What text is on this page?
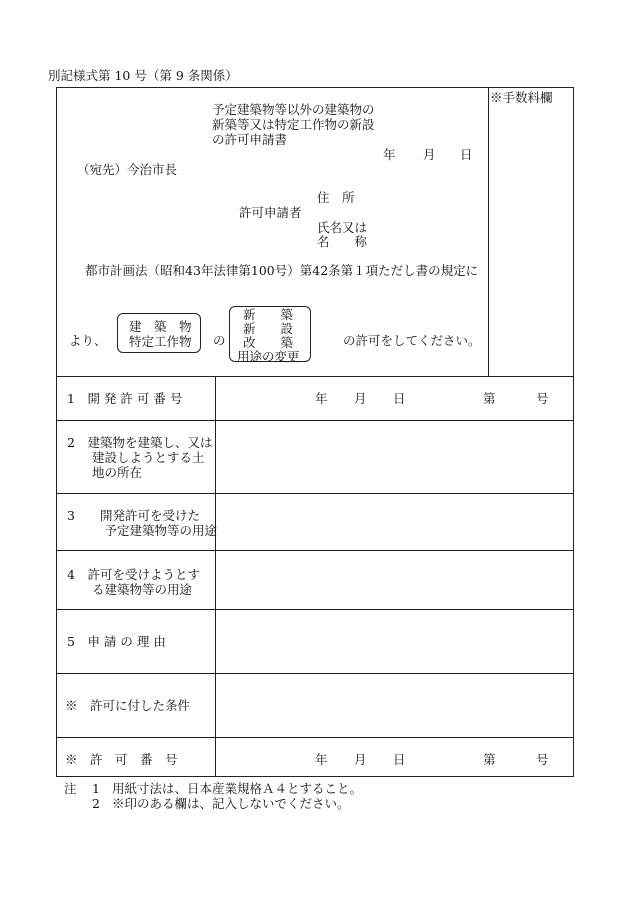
別記様式第 10 号（第 9 条関係）
※手数料欄
予定建築物等以外の建築物の
新築等又は特定工作物の新設
の許可申請書
年 月 日
（宛先）今治市長
住　所
許可申請者
氏名又は
名　　称
都市計画法（昭和43年法律第100号）第42条第１項ただし書の規定に
より、
建　築　物
特定工作物 の
新　　築
新　　設
改　　築
用途の変更
の許可をしてください。
1　開 発 許 可 番 号	年 月 日	第	号
2　建築物を建築し、又は
　　建設しようとする土
　　地の所在
3　　開発許可を受けた
　　　予定建築物等の用途
4　許可を受けようとす
　　る建築物等の用途
5　申 請 の 理 由
※　許可に付した条件
※　許　可　番　号	年 月 日	第	号
注 1 用紙寸法は、日本産業規格Ａ４とすること。
2 ※印のある欄は、記入しないでください。
